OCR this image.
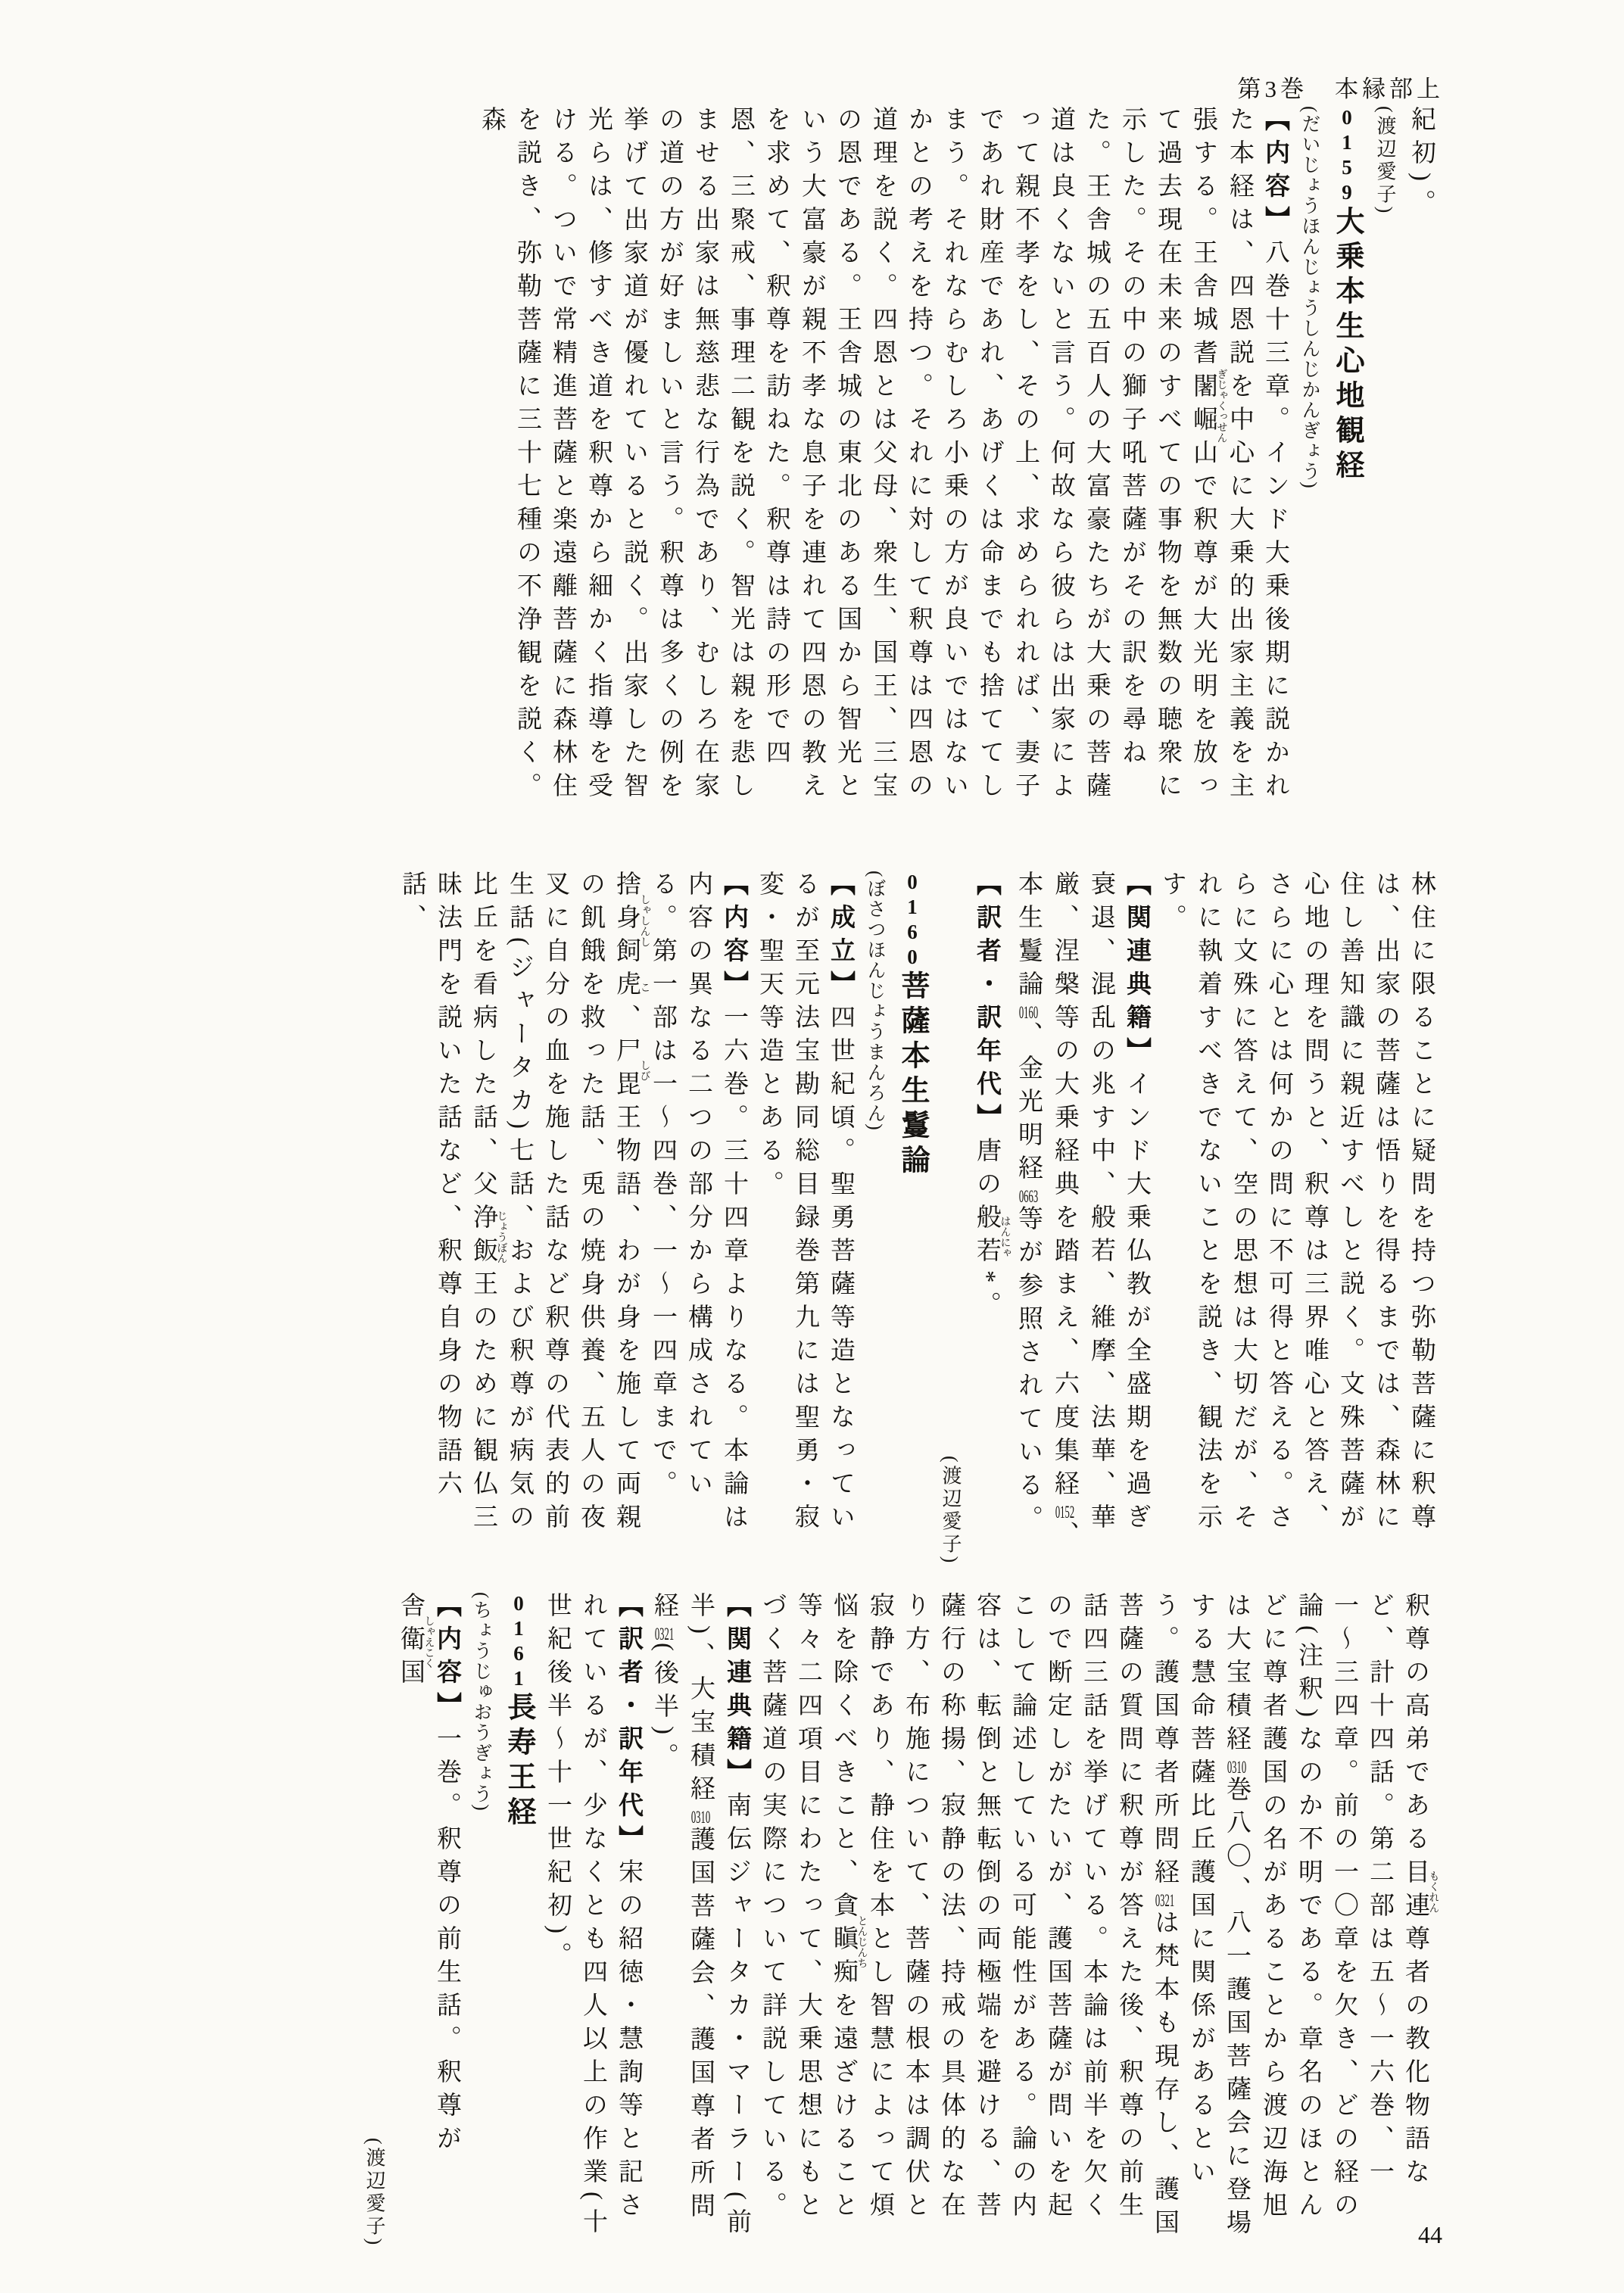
第3巻　本縁部上

紀初)。

(渡辺愛子)

0159大乗本生心地観経

(だいじょうほんじょうしんじかんぎょう)

【内容】八巻十三章。インド大乗後期に説かれた本経は、四恩説を中心に大乗的出家主義を主張する。王舎城耆闍崛山ぎじゃくっせんで釈尊が大光明を放って過去現在未来のすべての事物を無数の聴衆に示した。その中の獅子吼菩薩がその訳を尋ねた。王舎城の五百人の大富豪たちが大乗の菩薩道は良くないと言う。何故なら彼らは出家によって親不孝をし、その上、求められれば、妻子であれ財産であれ、あげくは命までも捨ててしまう。それならむしろ小乗の方が良いではないかとの考えを持つ。それに対して釈尊は四恩の道理を説く。四恩とは父母、衆生、国王、三宝の恩である。王舎城の東北のある国から智光という大富豪が親不孝な息子を連れて四恩の教えを求めて、釈尊を訪ねた。釈尊は詩の形で四恩、三聚戒、事理二観を説く。智光は親を悲しませる出家は無慈悲な行為であり、むしろ在家の道の方が好ましいと言う。釈尊は多くの例を挙げて出家道が優れていると説く。出家した智光らは、修すべき道を釈尊から細かく指導を受ける。ついで常精進菩薩と楽遠離菩薩に森林住を説き、弥勒菩薩に三十七種の不浄観を説く。森

林住に限ることに疑問を持つ弥勒菩薩に釈尊は、出家の菩薩は悟りを得るまでは、森林に住し善知識に親近すべしと説く。文殊菩薩が心地の理を問うと、釈尊は三界唯心と答え、さらに心とは何かの問に不可得と答える。さらに文殊に答えて、空の思想は大切だが、それに執着すべきでないことを説き、観法を示す。

【関連典籍】インド大乗仏教が全盛期を過ぎ衰退、混乱の兆す中、般若、維摩、法華、華厳、涅槃等の大乗経典を踏まえ、六度集経0152、本生鬘論0160、金光明経0663等が参照されている。

【訳者・訳年代】唐の般若はんにゃ*。

(渡辺愛子)

0160菩薩本生鬘論

(ぼさつほんじょうまんろん)

【成立】四世紀頃。聖勇菩薩等造となっているが至元法宝勘同総目録巻第九には聖勇・寂変・聖天等造とある。

【内容】一六巻。三十四章よりなる。本論は内容の異なる二つの部分から構成されている。第一部は一〜四巻、一〜一四章まで。捨身飼しゃしんし虎こ、尸毘しび王物語、わが身を施して両親の飢餓を救った話、兎の焼身供養、五人の夜叉に自分の血を施した話など釈尊の代表的前生話(ジャータカ)七話、および釈尊が病気の比丘を看病した話、父浄飯じょうぼん王のために観仏三昧法門を説いた話など、釈尊自身の物語六話、

釈尊の高弟である目連もくれん尊者の教化物語など、計十四話。第二部は五〜一六巻、一一〜三四章。前の一〇章を欠き、どの経の論(注釈)なのか不明である。章名のほとんどに尊者護国の名があることから渡辺海旭は大宝積経0310巻八〇、八一護国菩薩会に登場する慧命菩薩比丘護国に関係があるという。護国尊者所問経0321は梵本も現存し、護国菩薩の質問に釈尊が答えた後、釈尊の前生話四三話を挙げている。本論は前半を欠くので断定しがたいが、護国菩薩が問いを起こして論述している可能性がある。論の内容は、転倒と無転倒の両極端を避ける、菩薩行の称揚、寂静の法、持戒の具体的な在り方、布施について、菩薩の根本は調伏と寂静であり、静住を本とし智慧によって煩悩を除くべきこと、貪瞋痴とんじんちを遠ざけること等々二四項目にわたって、大乗思想にもとづく菩薩道の実際について詳説している。

【関連典籍】南伝ジャータカ・マーラー(前半)、大宝積経0310護国菩薩会、護国尊者所問経0321(後半)。

【訳者・訳年代】宋の紹徳・慧詢等と記されているが、少なくとも四人以上の作業(十世紀後半〜十一世紀初)。

0161長寿王経

(ちょうじゅおうぎょう)

【内容】一巻。釈尊の前生話。釈尊が舎衛国しゃえこく

(渡辺愛子)	44
